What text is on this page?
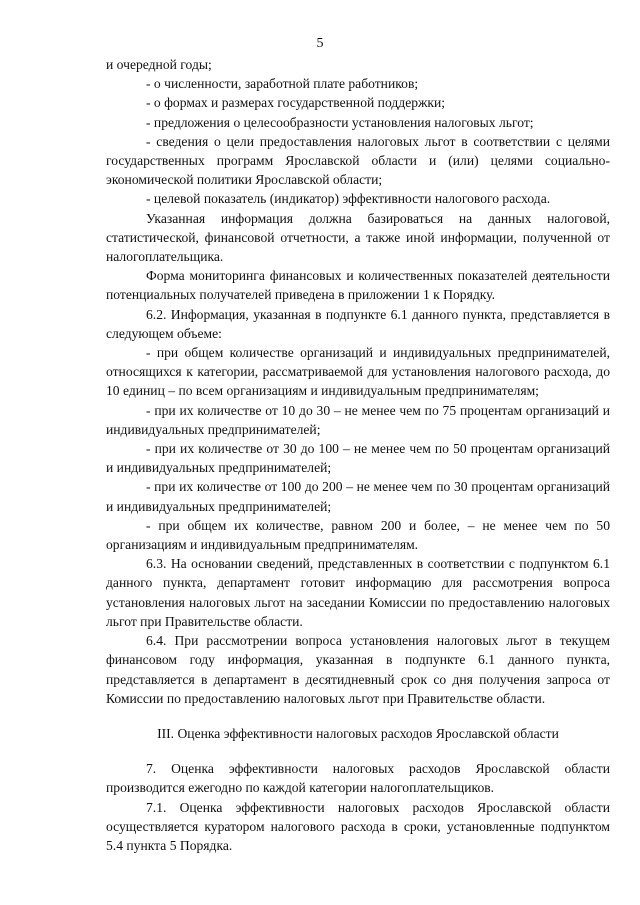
5

и очередной годы;

- о численности, заработной плате работников;

- о формах и размерах государственной поддержки;

- предложения о целесообразности установления налоговых льгот;

- сведения о цели предоставления налоговых льгот в соответствии с целями государственных программ Ярославской области и (или) целями социально-экономической политики Ярославской области;

- целевой показатель (индикатор) эффективности налогового расхода.

Указанная информация должна базироваться на данных налоговой, статистической, финансовой отчетности, а также иной информации, полученной от налогоплательщика.

Форма мониторинга финансовых и количественных показателей деятельности потенциальных получателей приведена в приложении 1 к Порядку.

6.2. Информация, указанная в подпункте 6.1 данного пункта, представляется в следующем объеме:

- при общем количестве организаций и индивидуальных предпринимателей, относящихся к категории, рассматриваемой для установления налогового расхода, до 10 единиц – по всем организациям и индивидуальным предпринимателям;

- при их количестве от 10 до 30 – не менее чем по 75 процентам организаций и индивидуальных предпринимателей;

- при их количестве от 30 до 100 – не менее чем по 50 процентам организаций и индивидуальных предпринимателей;

- при их количестве от 100 до 200 – не менее чем по 30 процентам организаций и индивидуальных предпринимателей;

- при общем их количестве, равном 200 и более, – не менее чем по 50 организациям и индивидуальным предпринимателям.

6.3. На основании сведений, представленных в соответствии с подпунктом 6.1 данного пункта, департамент готовит информацию для рассмотрения вопроса установления налоговых льгот на заседании Комиссии по предоставлению налоговых льгот при Правительстве области.

6.4. При рассмотрении вопроса установления налоговых льгот в текущем финансовом году информация, указанная в подпункте 6.1 данного пункта, представляется в департамент в десятидневный срок со дня получения запроса от Комиссии по предоставлению налоговых льгот при Правительстве области.

III. Оценка эффективности налоговых расходов Ярославской области

7. Оценка эффективности налоговых расходов Ярославской области производится ежегодно по каждой категории налогоплательщиков.

7.1. Оценка эффективности налоговых расходов Ярославской области осуществляется куратором налогового расхода в сроки, установленные подпунктом 5.4 пункта 5 Порядка.
